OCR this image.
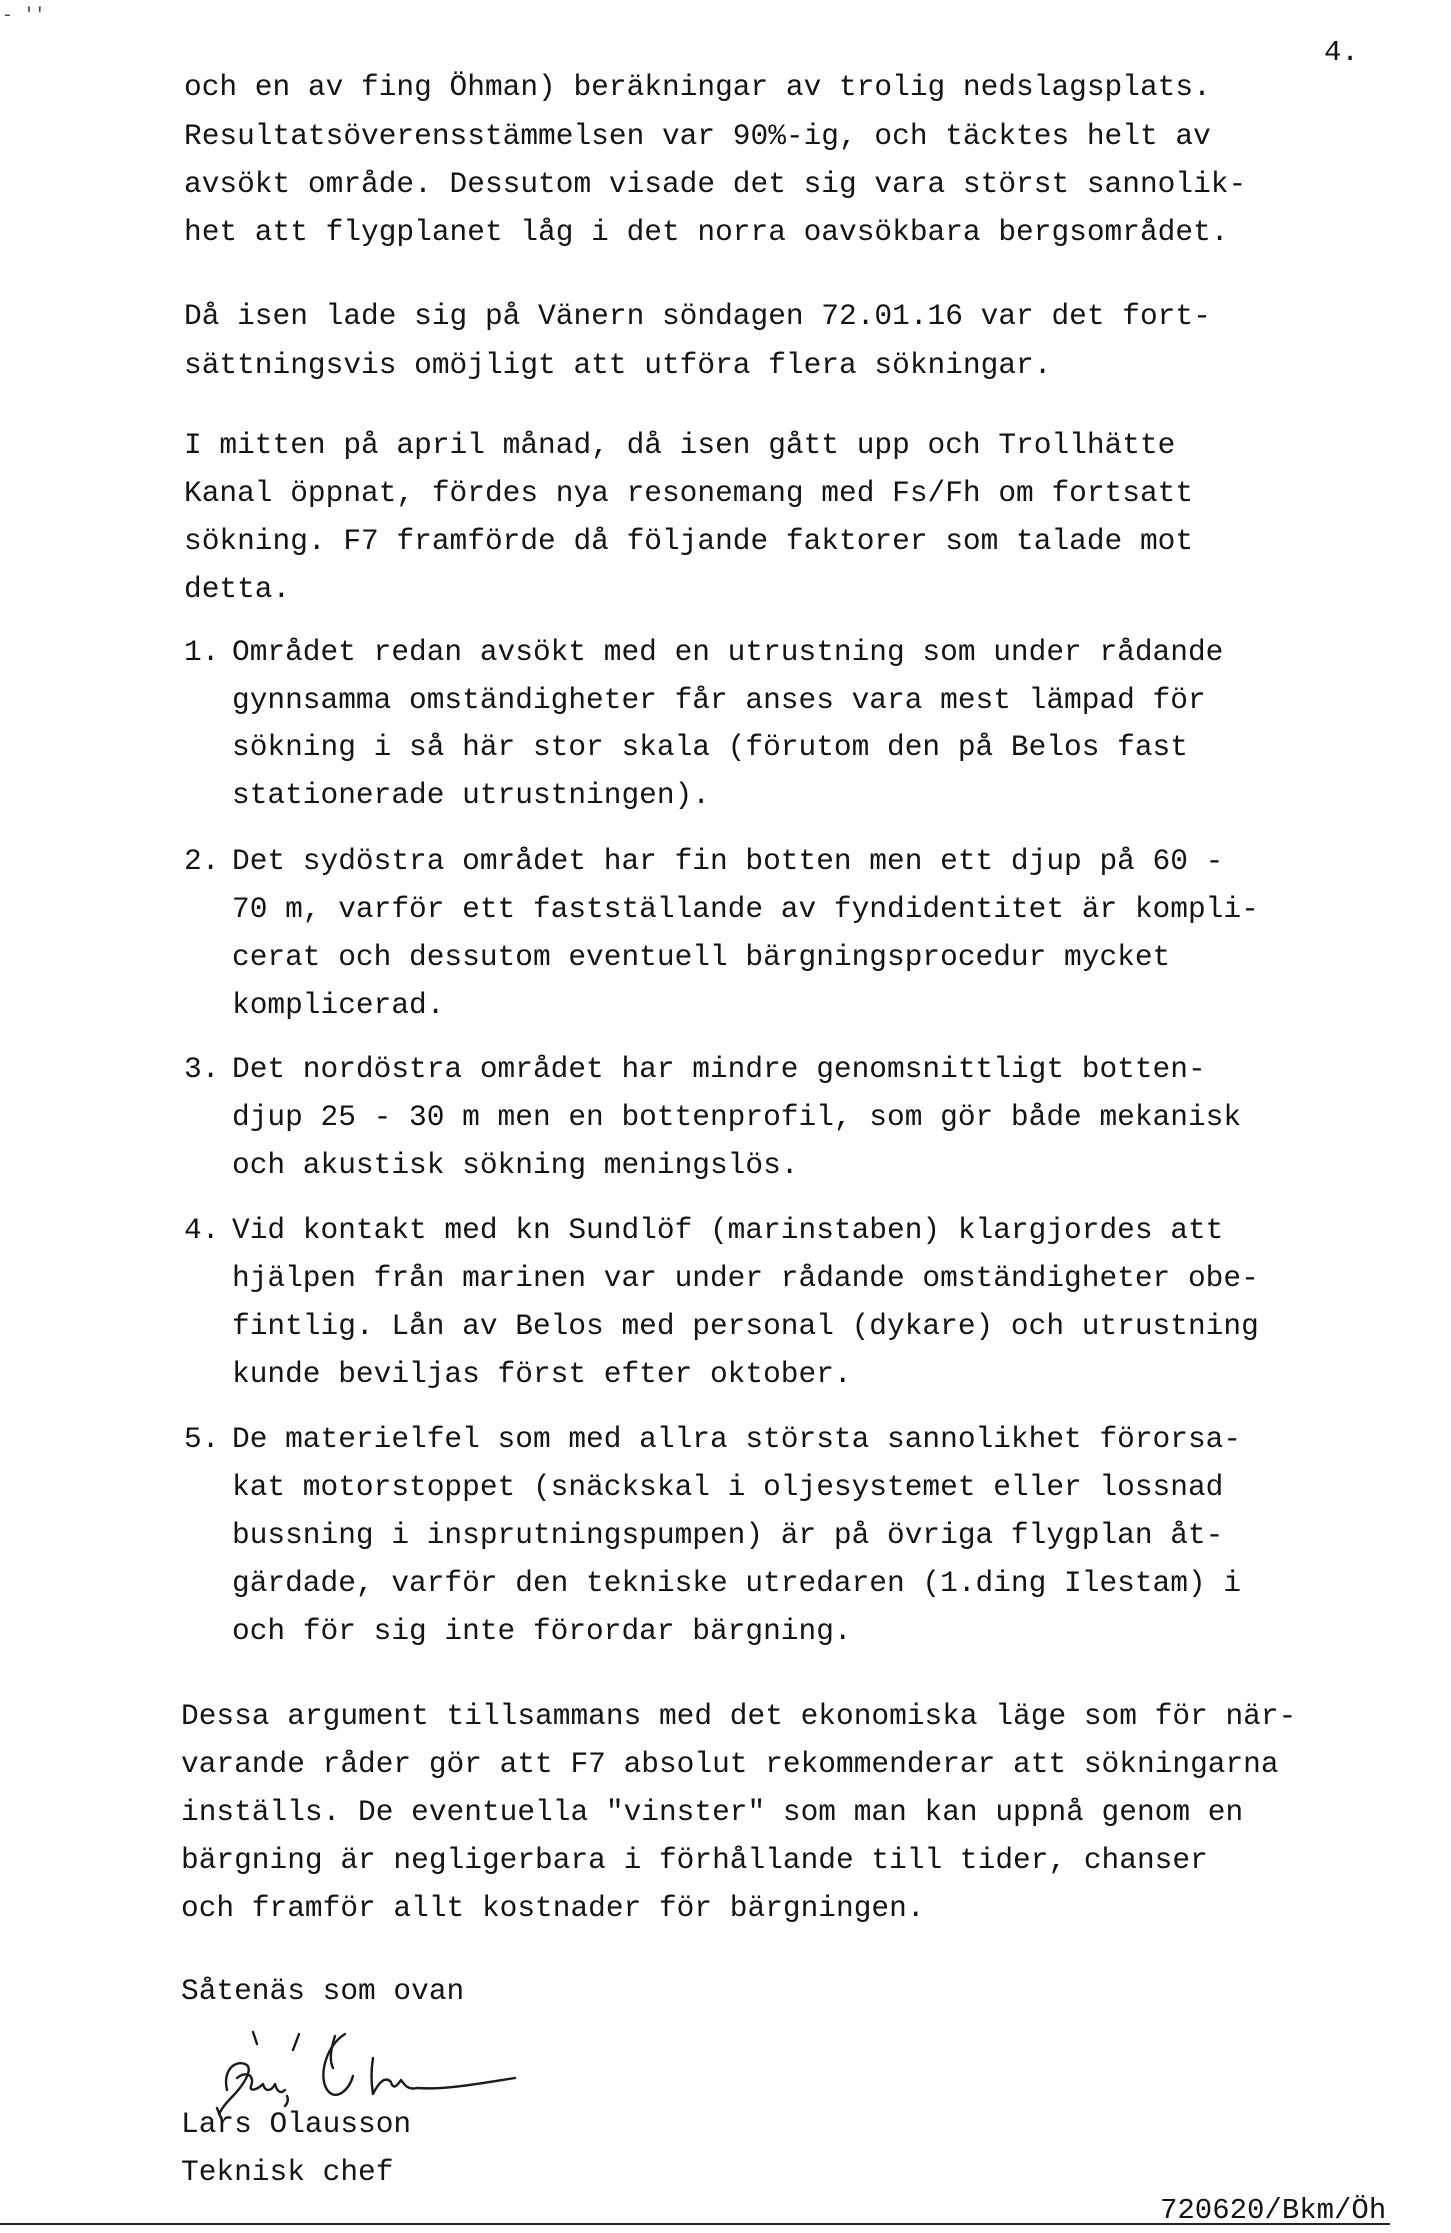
- ''
4.
och en av fing Öhman) beräkningar av trolig nedslagsplats.
Resultatsöverensstämmelsen var 90%-ig, och täcktes helt av
avsökt område. Dessutom visade det sig vara störst sannolik-
het att flygplanet låg i det norra oavsökbara bergsområdet.
Då isen lade sig på Vänern söndagen 72.01.16 var det fort-
sättningsvis omöjligt att utföra flera sökningar.
I mitten på april månad, då isen gått upp och Trollhätte
Kanal öppnat, fördes nya resonemang med Fs/Fh om fortsatt
sökning. F7 framförde då följande faktorer som talade mot
detta.
1. Området redan avsökt med en utrustning som under rådande
gynnsamma omständigheter får anses vara mest lämpad för
sökning i så här stor skala (förutom den på Belos fast
stationerade utrustningen).
2. Det sydöstra området har fin botten men ett djup på 60 -
70 m, varför ett fastställande av fyndidentitet är kompli-
cerat och dessutom eventuell bärgningsprocedur mycket
komplicerad.
3. Det nordöstra området har mindre genomsnittligt botten-
djup 25 - 30 m men en bottenprofil, som gör både mekanisk
och akustisk sökning meningslös.
4. Vid kontakt med kn Sundlöf (marinstaben) klargjordes att
hjälpen från marinen var under rådande omständigheter obe-
fintlig. Lån av Belos med personal (dykare) och utrustning
kunde beviljas först efter oktober.
5. De materielfel som med allra största sannolikhet förorsa-
kat motorstoppet (snäckskal i oljesystemet eller lossnad
bussning i insprutningspumpen) är på övriga flygplan åt-
gärdade, varför den tekniske utredaren (1.ding Ilestam) i
och för sig inte förordar bärgning.
Dessa argument tillsammans med det ekonomiska läge som för när-
varande råder gör att F7 absolut rekommenderar att sökningarna
inställs. De eventuella "vinster" som man kan uppnå genom en
bärgning är negligerbara i förhållande till tider, chanser
och framför allt kostnader för bärgningen.
Såtenäs som ovan
Lars Olausson
Teknisk chef
720620/Bkm/Öh
